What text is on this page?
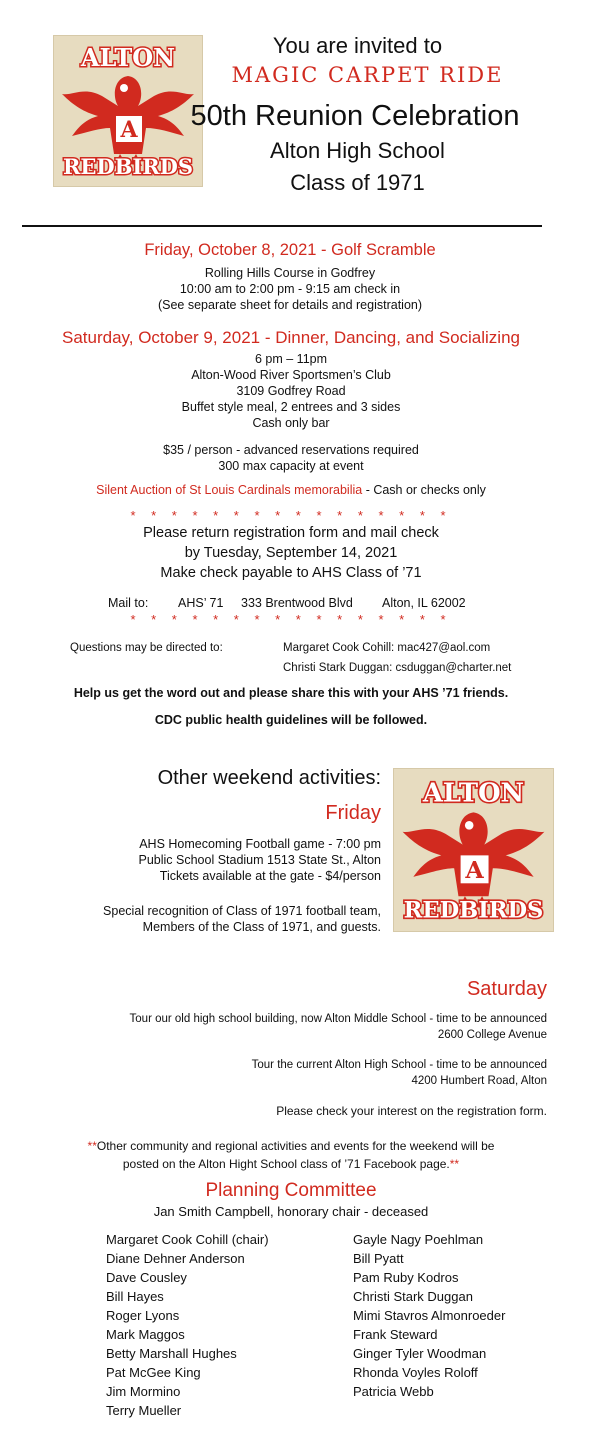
ALTON
A
REDBIRDS
You are invited to
MAGIC CARPET RIDE
50th Reunion Celebration
Alton High School
Class of 1971
Friday, October 8, 2021 - Golf Scramble
Rolling Hills Course in Godfrey
10:00 am to 2:00 pm - 9:15 am check in
(See separate sheet for details and registration)
Saturday, October 9, 2021 - Dinner, Dancing, and Socializing
6 pm – 11pm
Alton-Wood River Sportsmen’s Club
3109 Godfrey Road
Buffet style meal, 2 entrees and 3 sides
Cash only bar
$35 / person - advanced reservations required
300 max capacity at event
Silent Auction of St Louis Cardinals memorabilia - Cash or checks only
* * * * * * * * * * * * * * * *
Please return registration form and mail check
by Tuesday, September 14, 2021
Make check payable to AHS Class of ’71
Mail to: AHS’ 71 333 Brentwood Blvd Alton, IL 62002
* * * * * * * * * * * * * * * *
Questions may be directed to:	Margaret Cook Cohill: mac427@aol.com
Christi Stark Duggan: csduggan@charter.net
Help us get the word out and please share this with your AHS ’71 friends.
CDC public health guidelines will be followed.
Other weekend activities:
Friday
AHS Homecoming Football game - 7:00 pm
Public School Stadium 1513 State St., Alton
Tickets available at the gate - $4/person
Special recognition of Class of 1971 football team,
Members of the Class of 1971, and guests.
ALTON
A
REDBIRDS
Saturday
Tour our old high school building, now Alton Middle School - time to be announced
2600 College Avenue
Tour the current Alton High School - time to be announced
4200 Humbert Road, Alton
Please check your interest on the registration form.
**Other community and regional activities and events for the weekend will be
posted on the Alton Hight School class of ’71 Facebook page.**
Planning Committee
Jan Smith Campbell, honorary chair - deceased
Margaret Cook Cohill (chair)
Diane Dehner Anderson
Dave Cousley
Bill Hayes
Roger Lyons
Mark Maggos
Betty Marshall Hughes
Pat McGee King
Jim Mormino
Terry Mueller
Gayle Nagy Poehlman
Bill Pyatt
Pam Ruby Kodros
Christi Stark Duggan
Mimi Stavros Almonroeder
Frank Steward
Ginger Tyler Woodman
Rhonda Voyles Roloff
Patricia Webb
